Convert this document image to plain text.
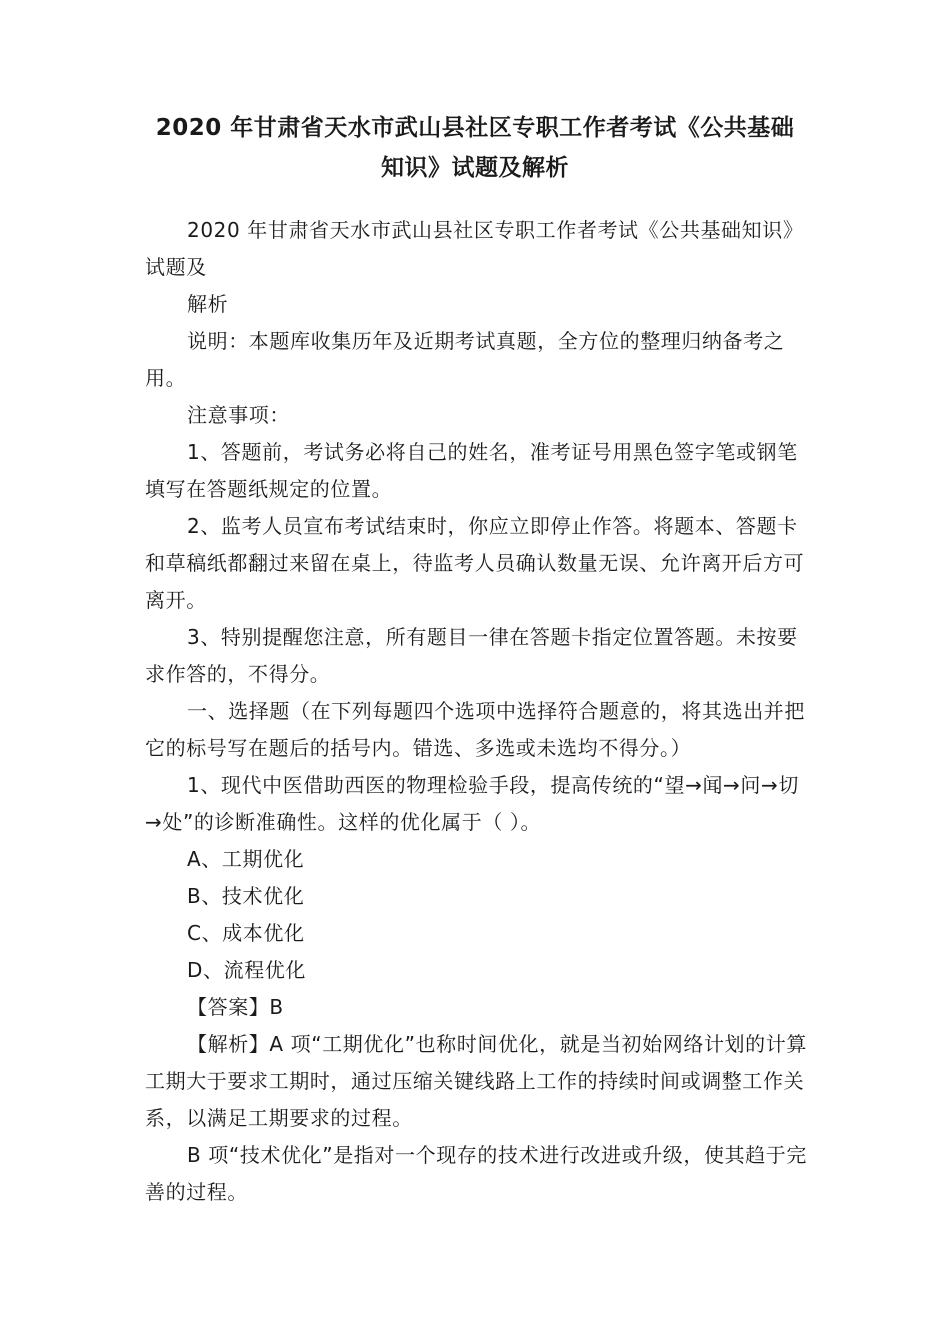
2020 年甘肃省天水市武山县社区专职工作者考试《公共基础
知识》试题及解析

2020 年甘肃省天水市武山县社区专职工作者考试《公共基础知识》试题及

解析

说明：本题库收集历年及近期考试真题，全方位的整理归纳备考之用。

注意事项：

1、答题前，考试务必将自己的姓名，准考证号用黑色签字笔或钢笔填写在答题纸规定的位置。

2、监考人员宣布考试结束时，你应立即停止作答。将题本、答题卡和草稿纸都翻过来留在桌上，待监考人员确认数量无误、允许离开后方可离开。

3、特别提醒您注意，所有题目一律在答题卡指定位置答题。未按要求作答的，不得分。

一、选择题（在下列每题四个选项中选择符合题意的，将其选出并把它的标号写在题后的括号内。错选、多选或未选均不得分。）

1、现代中医借助西医的物理检验手段，提高传统的“望→闻→问→切→处”的诊断准确性。这样的优化属于（ ）。

A、工期优化

B、技术优化

C、成本优化

D、流程优化

【答案】B

【解析】A 项“工期优化”也称时间优化，就是当初始网络计划的计算工期大于要求工期时，通过压缩关键线路上工作的持续时间或调整工作关系，以满足工期要求的过程。

B 项“技术优化”是指对一个现存的技术进行改进或升级，使其趋于完善的过程。
